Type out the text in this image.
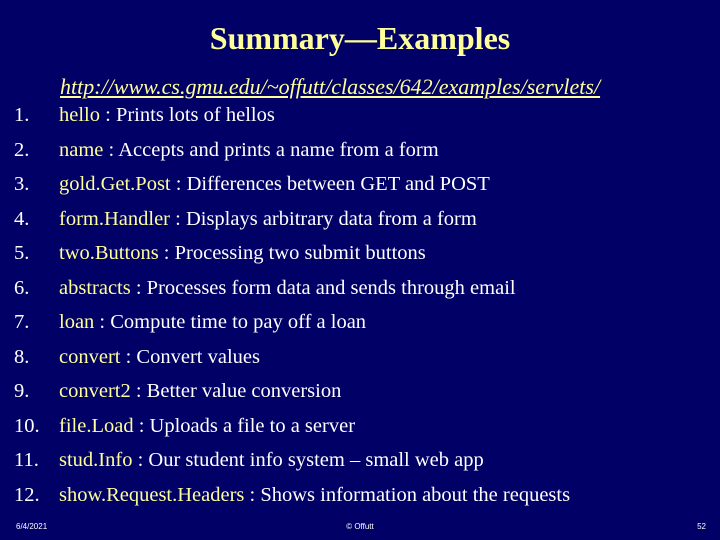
Summary—Examples
http://www.cs.gmu.edu/~offutt/classes/642/examples/servlets/
1.	hello : Prints lots of hellos
2.	name : Accepts and prints a name from a form
3.	gold.Get.Post : Differences between GET and POST
4.	form.Handler : Displays arbitrary data from a form
5.	two.Buttons : Processing two submit buttons
6.	abstracts : Processes form data and sends through email
7.	loan : Compute time to pay off a loan
8.	convert : Convert values
9.	convert2 : Better value conversion
10. file.Load : Uploads a file to a server
11. stud.Info : Our student info system – small web app
12. show.Request.Headers : Shows information about the requests
6/4/2021	© Offutt	52
